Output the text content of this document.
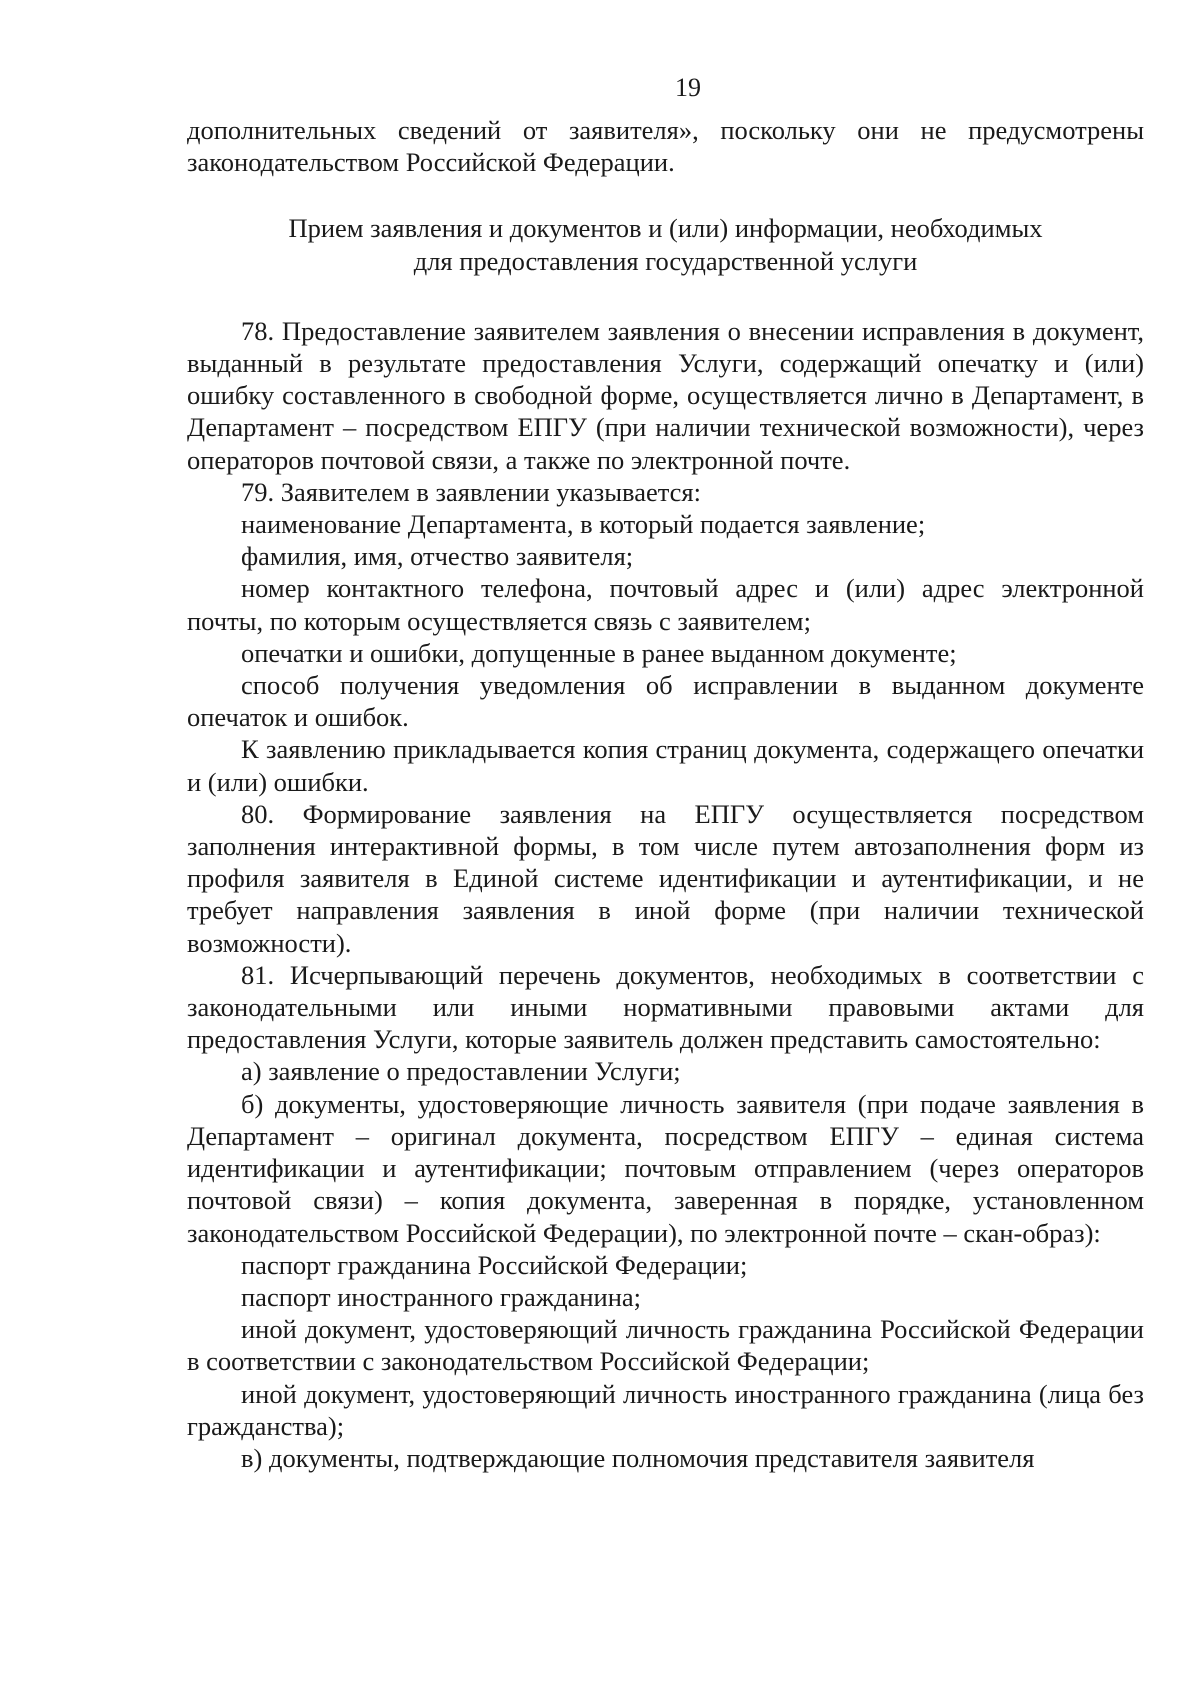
19

дополнительных сведений от заявителя», поскольку они не предусмотрены законодательством Российской Федерации.

Прием заявления и документов и (или) информации, необходимых
для предоставления государственной услуги

78. Предоставление заявителем заявления о внесении исправления в документ, выданный в результате предоставления Услуги, содержащий опечатку и (или) ошибку составленного в свободной форме, осуществляется лично в Департамент, в Департамент – посредством ЕПГУ (при наличии технической возможности), через операторов почтовой связи, а также по электронной почте.

79. Заявителем в заявлении указывается:

наименование Департамента, в который подается заявление;

фамилия, имя, отчество заявителя;

номер контактного телефона, почтовый адрес и (или) адрес электронной почты, по которым осуществляется связь с заявителем;

опечатки и ошибки, допущенные в ранее выданном документе;

способ получения уведомления об исправлении в выданном документе опечаток и ошибок.

К заявлению прикладывается копия страниц документа, содержащего опечатки и (или) ошибки.

80. Формирование заявления на ЕПГУ осуществляется посредством заполнения интерактивной формы, в том числе путем автозаполнения форм из профиля заявителя в Единой системе идентификации и аутентификации, и не требует направления заявления в иной форме (при наличии технической возможности).

81. Исчерпывающий перечень документов, необходимых в соответствии с законодательными или иными нормативными правовыми актами для предоставления Услуги, которые заявитель должен представить самостоятельно:

а) заявление о предоставлении Услуги;

б) документы, удостоверяющие личность заявителя (при подаче заявления в Департамент – оригинал документа, посредством ЕПГУ – единая система идентификации и аутентификации; почтовым отправлением (через операторов почтовой связи) – копия документа, заверенная в порядке, установленном законодательством Российской Федерации), по электронной почте – скан-образ):

паспорт гражданина Российской Федерации;

паспорт иностранного гражданина;

иной документ, удостоверяющий личность гражданина Российской Федерации в соответствии с законодательством Российской Федерации;

иной документ, удостоверяющий личность иностранного гражданина (лица без гражданства);

в) документы, подтверждающие полномочия представителя заявителя
